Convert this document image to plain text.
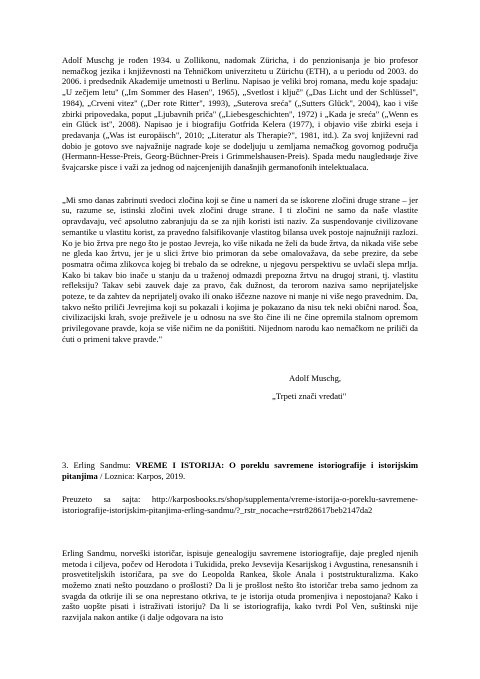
Adolf Muschg je rođen 1934. u Zollikonu, nadomak Züricha, i do penzionisanja je bio profesor nemačkog jezika i književnosti na Tehničkom univerzitetu u Zürichu (ETH), a u periodu od 2003. do 2006. i predsednik Akademije umetnosti u Berlinu. Napisao je veliki broj romana, među koje spadaju: „U zečjem letu" („Im Sommer des Hasen", 1965), „Svetlost i ključ" („Das Licht und der Schlüssel", 1984), „Crveni vitez" („Der rote Ritter", 1993), „Suterova sreća" („Sutters Glück", 2004), kao i više zbirki pripovedaka, poput „Ljubavnih priča" („Liebesgeschichten", 1972) i „Kada je sreća" („Wenn es ein Glück ist", 2008). Napisao je i biografiju Gotfrida Kelera (1977), i objavio više zbirki eseja i predavanja („Was ist europäisch", 2010; „Literatur als Therapie?", 1981, itd.). Za svoj književni rad dobio je gotovo sve najvažnije nagrade koje se dodeljuju u zemljama nemačkog govornog područja (Hermann-Hesse-Preis, Georg-Büchner-Preis i Grimmelshausen-Preis). Spada među naugledније žive švajcarske pisce i važi za jednog od najcenjenijih današnjih germanofonih intelektualaca.

„Mi smo danas zabrinuti svedoci zločina koji se čine u nameri da se iskorene zločini druge strane – jer su, razume se, istinski zločini uvek zločini druge strane. I ti zločini ne samo da naše vlastite opravdavaju, već apsolutno zabranjuju da se za njih koristi isti naziv. Za suspendovanje civilizovane semantike u vlastitu korist, za pravedno falsifikovanje vlastitog bilansa uvek postoje najnužniji razlozi. Ko je bio žrtva pre nego što je postao Jevreja, ko više nikada ne želi da bude žrtva, da nikada više sebe ne gleda kao žrtvu, jer je u slici žrtve bio primoran da sebe omalovažava, da sebe prezire, da sebe posmatra očima zlikovca kojeg bi trebalo da se odrekne, u njegovu perspektivu se uvlači slepa mrlja. Kako bi takav bio inače u stanju da u traženoj odmazdi prepozna žrtvu na drugoj strani, tj. vlastitu refleksiju? Takav sebi zauvek daje za pravo, čak dužnost, da terorom naziva samo neprijateljske poteze, te da zahtev da neprijatelj ovako ili onako iščezne nazove ni manje ni više nego pravednim. Da, takvo nešto priliči Jevrejima koji su pokazali i kojima je pokazano da nisu tek neki obični narod. Šoa, civilizacijski krah, svoje preživele je u odnosu na sve što čine ili ne čine opremila stalnom opremom privilegovane pravde, koja se više ničim ne da poništiti. Nijednom narodu kao nemačkom ne priliči da ćuti o primeni takve pravde."

Adolf Muschg,

„Trpeti znači vređati"

3. Erling Sandmu: VREME I ISTORIJA: O poreklu savremene istoriografije i istorijskim pitanjima / Loznica: Karpos, 2019.

Preuzeto sa sajta: http://karposbooks.rs/shop/supplementa/vreme-istorija-o-poreklu-savremene-istoriografije-istorijskim-pitanjima-erling-sandmu/?_rstr_nocache=rstr828617beb2147da2

Erling Sandmu, norveški istoričar, ispisuje genealogiju savremene istoriografije, daje pregled njenih metoda i ciljeva, počev od Herodota i Tukidida, preko Jevsevija Kesarijskog i Avgustina, renesansnih i prosvetiteljskih istoričara, pa sve do Leopolda Rankea, škole Anala i poststrukturalizma. Kako možemo znati nešto pouzdano o prošlosti? Da li je prošlost nešto što istoričar treba samo jednom za svagda da otkrije ili se ona neprestano otkriva, te je istorija otuda promenjiva i nepostojana? Kako i zašto uopšte pisati i istraživati istoriju? Da li se istoriografija, kako tvrdi Pol Ven, suštinski nije razvijala nakon antike (i dalje odgovara na isto
